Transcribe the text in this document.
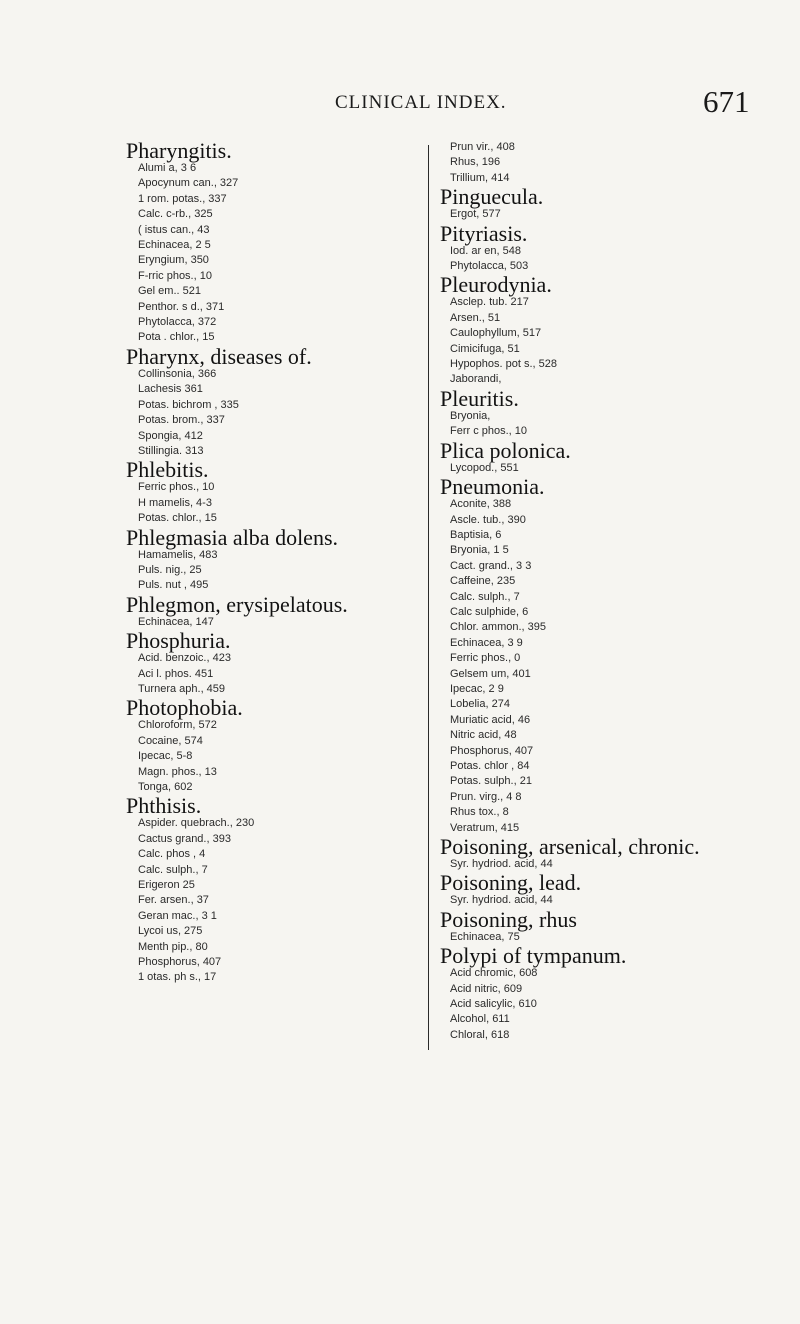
CLINICAL INDEX.	671
Pharyngitis.
Alumi a, 3 6
Apocynum can., 327
1 rom. potas., 337
Calc. c-rb., 325
( istus can., 43
Echinacea, 2 5
Eryngium, 350
F-rric phos., 10
Gel em.. 521
Penthor. s d., 371
Phytolacca, 372
Pota . chlor., 15
Pharynx, diseases of.
Collinsonia, 366
Lachesis 361
Potas. bichrom , 335
Potas. brom., 337
Spongia, 412
Stillingia. 313
Phlebitis.
Ferric phos., 10
H mamelis, 4-3
Potas. chlor., 15
Phlegmasia alba dolens.
Hamamelis, 483
Puls. nig., 25
Puls. nut , 495
Phlegmon, erysipelatous.
Echinacea, 147
Phosphuria.
Acid. benzoic., 423
Aci l. phos. 451
Turnera aph., 459
Photophobia.
Chloroform, 572
Cocaine, 574
Ipecac, 5-8
Magn. phos., 13
Tonga, 602
Phthisis.
Aspider. quebrach., 230
Cactus grand., 393
Calc. phos , 4
Calc. sulph., 7
Erigeron 25
Fer. arsen., 37
Geran mac., 3 1
Lycoi us, 275
Menth pip., 80
Phosphorus, 407
1 otas. ph s., 17
Prun vir., 408
Rhus, 196
Trillium, 414
Pinguecula.
Ergot, 577
Pityriasis.
Iod. ar en, 548
Phytolacca, 503
Pleurodynia.
Asclep. tub. 217
Arsen., 51
Caulophyllum, 517
Cimicifuga, 51
Hypophos. pot s., 528
Jaborandi,
Pleuritis.
Bryonia,
Ferr c phos., 10
Plica polonica.
Lycopod., 551
Pneumonia.
Aconite, 388
Ascle. tub., 390
Baptisia, 6
Bryonia, 1 5
Cact. grand., 3 3
Caffeine, 235
Calc. sulph., 7
Calc sulphide, 6
Chlor. ammon., 395
Echinacea, 3 9
Ferric phos., 0
Gelsem um, 401
Ipecac, 2 9
Lobelia, 274
Muriatic acid, 46
Nitric acid, 48
Phosphorus, 407
Potas. chlor , 84
Potas. sulph., 21
Prun. virg., 4 8
Rhus tox., 8
Veratrum, 415
Poisoning, arsenical, chronic.
Syr. hydriod. acid, 44
Poisoning, lead.
Syr. hydriod. acid, 44
Poisoning, rhus
Echinacea, 75
Polypi of tympanum.
Acid chromic, 608
Acid nitric, 609
Acid salicylic, 610
Alcohol, 611
Chloral, 618
